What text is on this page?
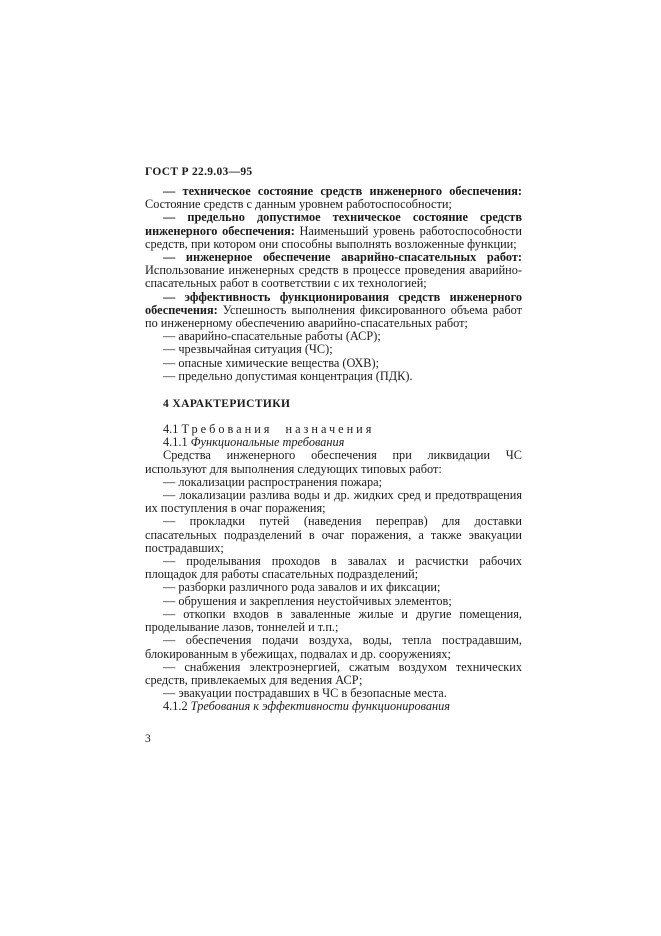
ГОСТ Р 22.9.03—95

— техническое состояние средств инженерного обеспечения: Состояние средств с данным уровнем работоспособности;

— предельно допустимое техническое состояние средств инженерного обеспечения: Наименьший уровень работоспособности средств, при котором они способны выполнять возложенные функции;

— инженерное обеспечение аварийно-спасательных работ: Использование инженерных средств в процессе проведения аварийно-спасательных работ в соответствии с их технологией;

— эффективность функционирования средств инженерного обеспечения: Успешность выполнения фиксированного объема работ по инженерному обеспечению аварийно-спасательных работ;

— аварийно-спасательные работы (АСР);

— чрезвычайная ситуация (ЧС);

— опасные химические вещества (ОХВ);

— предельно допустимая концентрация (ПДК).

4 ХАРАКТЕРИСТИКИ

4.1 Требования назначения

4.1.1 Функциональные требования

Средства инженерного обеспечения при ликвидации ЧС используют для выполнения следующих типовых работ:

— локализации распространения пожара;

— локализации разлива воды и др. жидких сред и предотвращения их поступления в очаг поражения;

— прокладки путей (наведения переправ) для доставки спасательных подразделений в очаг поражения, а также эвакуации пострадавших;

— проделывания проходов в завалах и расчистки рабочих площадок для работы спасательных подразделений;

— разборки различного рода завалов и их фиксации;

— обрушения и закрепления неустойчивых элементов;

— откопки входов в заваленные жилые и другие помещения, проделывание лазов, тоннелей и т.п.;

— обеспечения подачи воздуха, воды, тепла пострадавшим, блокированным в убежищах, подвалах и др. сооружениях;

— снабжения электроэнергией, сжатым воздухом технических средств, привлекаемых для ведения АСР;

— эвакуации пострадавших в ЧС в безопасные места.

4.1.2 Требования к эффективности функционирования

3
